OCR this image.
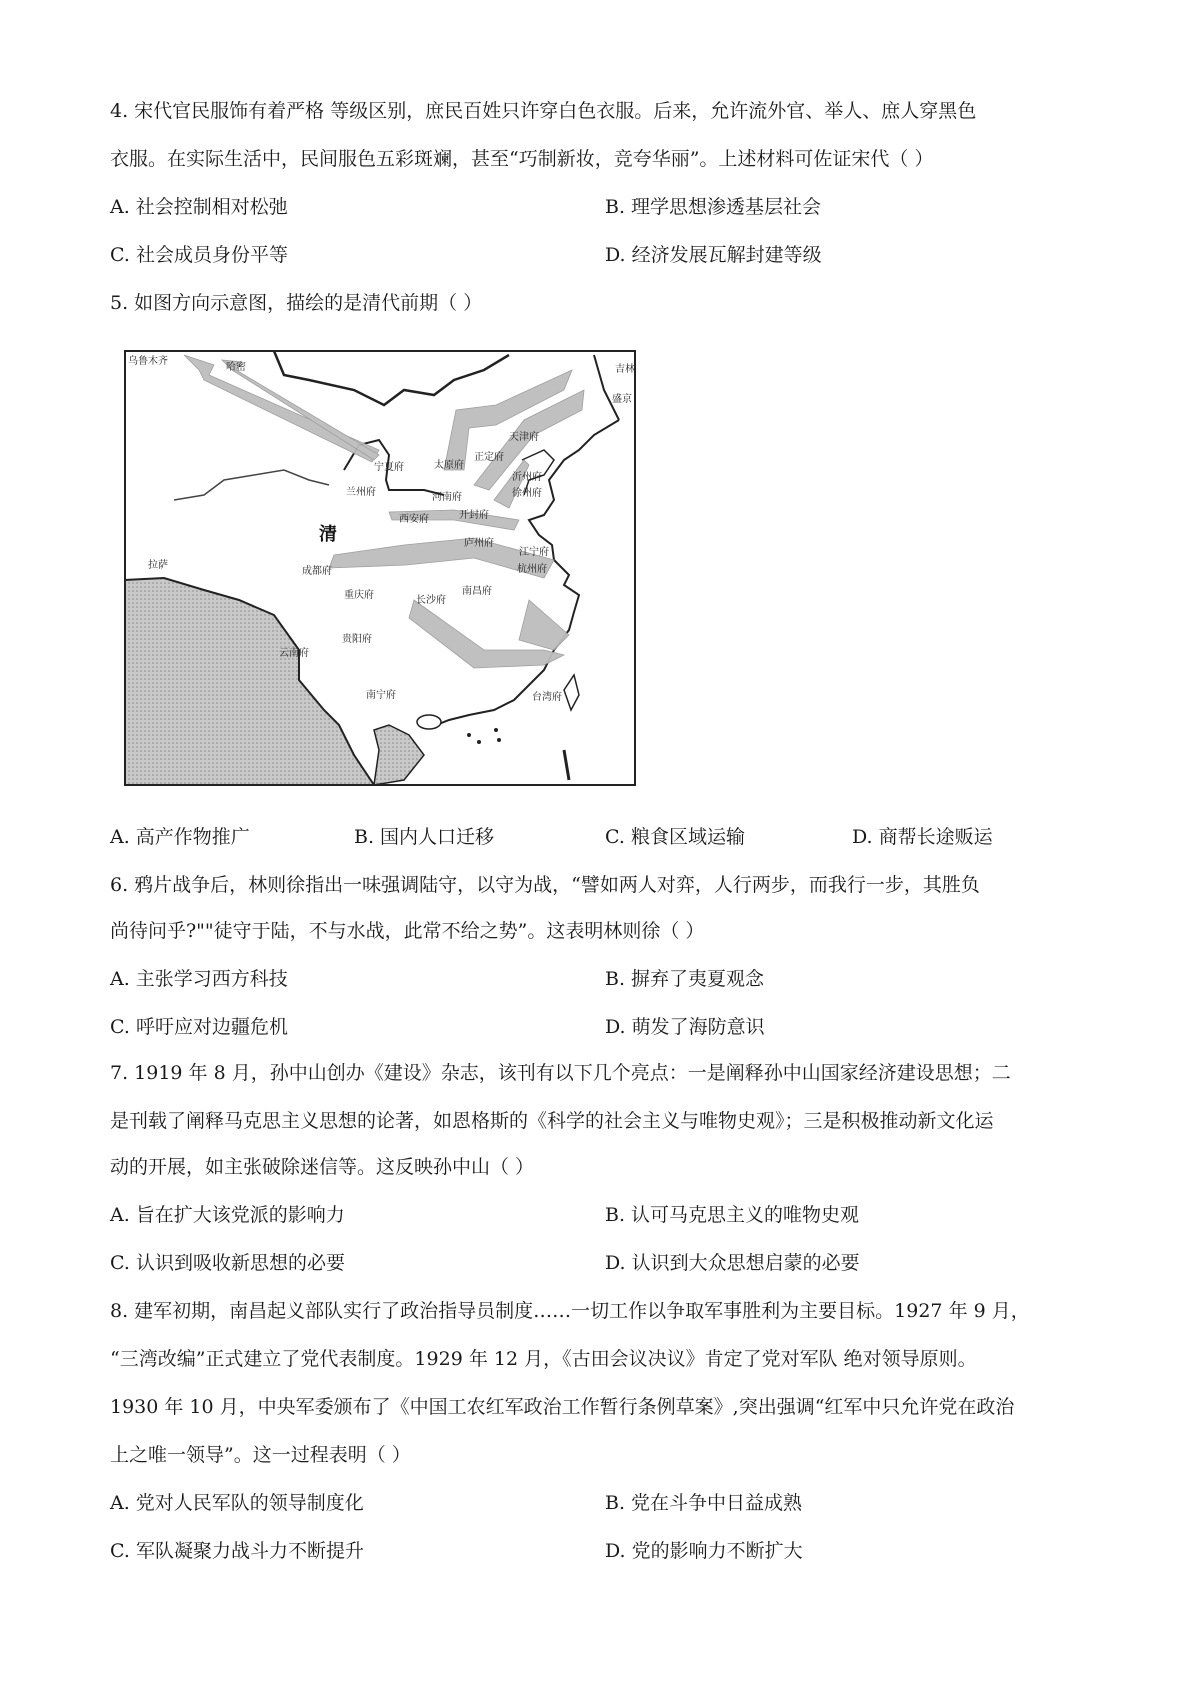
4. 宋代官民服饰有着严格 等级区别，庶民百姓只许穿白色衣服。后来，允许流外官、举人、庶人穿黑色
衣服。在实际生活中，民间服色五彩斑斓，甚至“巧制新妆，竞夸华丽”。上述材料可佐证宋代（ ）
A. 社会控制相对松弛	B. 理学思想渗透基层社会
C. 社会成员身份平等	D. 经济发展瓦解封建等级
5. 如图方向示意图，描绘的是清代前期（ ）
乌鲁木齐
哈密	吉林
盛京
宁夏府	太原府
正定府
天津府
兰州府	河南府
沂州府
徐州府
西安府	开封府
庐州府
江宁府
杭州府
成都府
重庆府	长沙府
南昌府
拉萨
云南府
贵阳府
南宁府	台湾府
清
A. 高产作物推广	B. 国内人口迁移	C. 粮食区域运输	D. 商帮长途贩运
6. 鸦片战争后，林则徐指出一味强调陆守，以守为战，“譬如两人对弈，人行两步，而我行一步，其胜负
尚待问乎?""徒守于陆，不与水战，此常不给之势”。这表明林则徐（ ）
A. 主张学习西方科技	B. 摒弃了夷夏观念
C. 呼吁应对边疆危机	D. 萌发了海防意识
7. 1919 年 8 月，孙中山创办《建设》杂志，该刊有以下几个亮点：一是阐释孙中山国家经济建设思想；二
是刊载了阐释马克思主义思想的论著，如恩格斯的《科学的社会主义与唯物史观》；三是积极推动新文化运
动的开展，如主张破除迷信等。这反映孙中山（ ）
A. 旨在扩大该党派的影响力	B. 认可马克思主义的唯物史观
C. 认识到吸收新思想的必要	D. 认识到大众思想启蒙的必要
8. 建军初期，南昌起义部队实行了政治指导员制度……一切工作以争取军事胜利为主要目标。1927 年 9 月，
“三湾改编”正式建立了党代表制度。1929 年 12 月，《古田会议决议》肯定了党对军队 绝对领导原则。
1930 年 10 月，中央军委颁布了《中国工农红军政治工作暂行条例草案》,突出强调“红军中只允许党在政治
上之唯一领导”。这一过程表明（ ）
A. 党对人民军队的领导制度化	B. 党在斗争中日益成熟
C. 军队凝聚力战斗力不断提升	D. 党的影响力不断扩大
